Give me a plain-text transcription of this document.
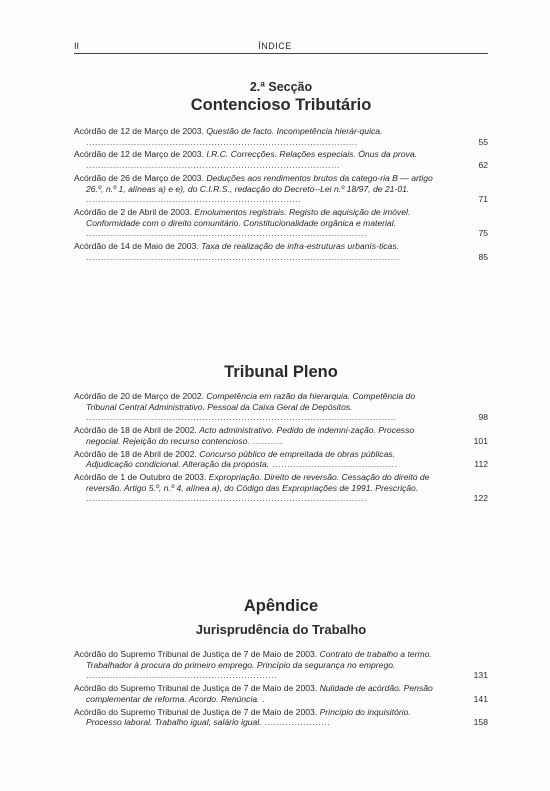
II	ÍNDICE

2.ª Secção

Contencioso Tributário

Acórdão de 12 de Março de 2003. Questão de facto. Incompetência hierár-quica. ...........................................................................................	55
Acórdão de 12 de Março de 2003. I.R.C. Correcções. Relações especiais. Ónus da prova. .....................................................................................	62
Acórdão de 26 de Março de 2003. Deduções aos rendimentos brutos da catego-ria B — artigo 26.º, n.º 1, alíneas a) e e), do C.I.R.S., redacção do Decreto--Lei n.º 18/97, de 21-01. ........................................................................	71
Acórdão de 2 de Abril de 2003. Emolumentos registrais. Registo de aquisição de imóvel. Conformidade com o direito comunitário. Constitucionalidade orgânica e material. ..............................................................................................	75
Acórdão de 14 de Maio de 2003. Taxa de realização de infra-estruturas urbanís-ticas. .........................................................................................................	85

Tribunal Pleno

Acórdão de 20 de Março de 2002. Competência em razão da hierarquia. Competência do Tribunal Central Administrativo. Pessoal da Caixa Geral de Depósitos. ........................................................................................................	98
Acórdão de 18 de Abril de 2002. Acto administrativo. Pedido de indemni-zação. Processo negocial. Rejeição do recurso contencioso. ..........	101
Acórdão de 18 de Abril de 2002. Concurso público de empreitada de obras públicas. Adjudicação condicional. Alteração da proposta. ..........................................	112
Acórdão de 1 de Outubro de 2003. Expropriação. Direito de reversão. Cessação do direito de reversão. Artigo 5.º, n.º 4, alínea a), do Código das Expropriações de 1991. Prescrição. ..............................................................................................	122

Apêndice

Jurisprudência do Trabalho

Acórdão do Supremo Tribunal de Justiça de 7 de Maio de 2003. Contrato de trabalho a termo. Trabalhador à procura do primeiro emprego. Princípio da segurança no emprego. ................................................................	131
Acórdão do Supremo Tribunal de Justiça de 7 de Maio de 2003. Nulidade de acórdão. Pensão complementar de reforma. Acordo. Renúncia. .	141
Acórdão do Supremo Tribunal de Justiça de 7 de Maio de 2003. Princípio do inquisitório. Processo laboral. Trabalho igual, salário igual. ......................	158
